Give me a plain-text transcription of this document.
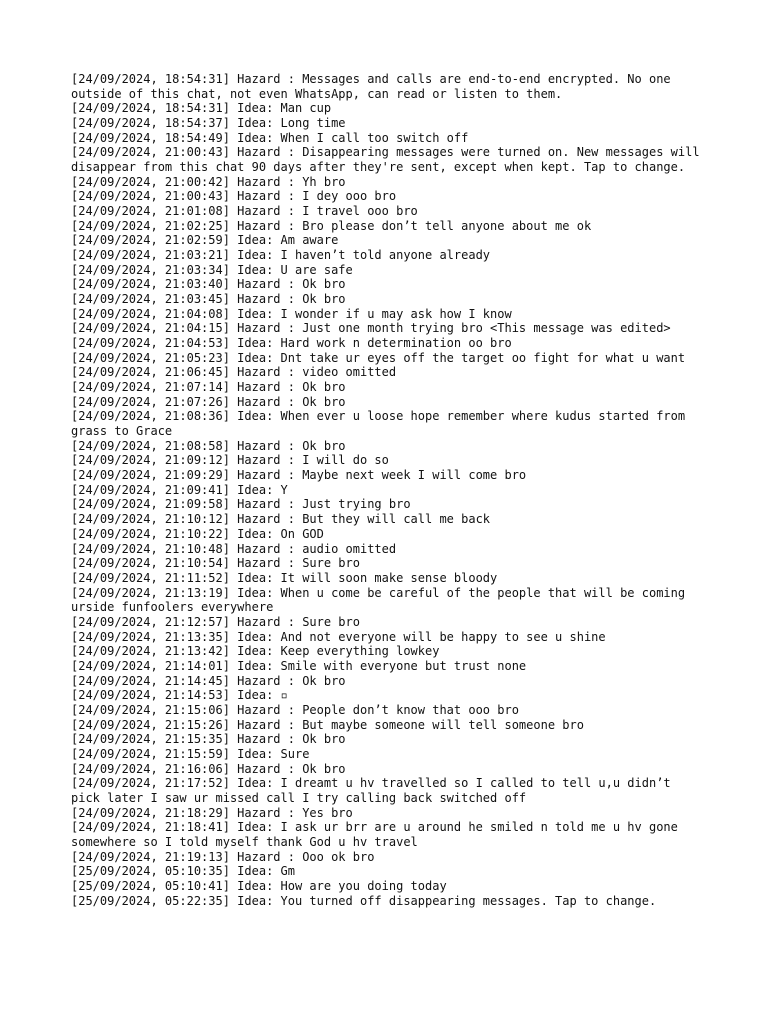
[24/09/2024, 18:54:31] Hazard : Messages and calls are end-to-end encrypted. No one outside of this chat, not even WhatsApp, can read or listen to them.
[24/09/2024, 18:54:31] Idea: Man cup
[24/09/2024, 18:54:37] Idea: Long time
[24/09/2024, 18:54:49] Idea: When I call too switch off
[24/09/2024, 21:00:43] Hazard : Disappearing messages were turned on. New messages will disappear from this chat 90 days after they're sent, except when kept. Tap to change.
[24/09/2024, 21:00:42] Hazard : Yh bro
[24/09/2024, 21:00:43] Hazard : I dey ooo bro
[24/09/2024, 21:01:08] Hazard : I travel ooo bro
[24/09/2024, 21:02:25] Hazard : Bro please don’t tell anyone about me ok
[24/09/2024, 21:02:59] Idea: Am aware
[24/09/2024, 21:03:21] Idea: I haven’t told anyone already
[24/09/2024, 21:03:34] Idea: U are safe
[24/09/2024, 21:03:40] Hazard : Ok bro
[24/09/2024, 21:03:45] Hazard : Ok bro
[24/09/2024, 21:04:08] Idea: I wonder if u may ask how I know
[24/09/2024, 21:04:15] Hazard : Just one month trying bro <This message was edited>
[24/09/2024, 21:04:53] Idea: Hard work n determination oo bro
[24/09/2024, 21:05:23] Idea: Dnt take ur eyes off the target oo fight for what u want
[24/09/2024, 21:06:45] Hazard : video omitted
[24/09/2024, 21:07:14] Hazard : Ok bro
[24/09/2024, 21:07:26] Hazard : Ok bro
[24/09/2024, 21:08:36] Idea: When ever u loose hope remember where kudus started from grass to Grace
[24/09/2024, 21:08:58] Hazard : Ok bro
[24/09/2024, 21:09:12] Hazard : I will do so
[24/09/2024, 21:09:29] Hazard : Maybe next week I will come bro
[24/09/2024, 21:09:41] Idea: Y
[24/09/2024, 21:09:58] Hazard : Just trying bro
[24/09/2024, 21:10:12] Hazard : But they will call me back
[24/09/2024, 21:10:22] Idea: On GOD
[24/09/2024, 21:10:48] Hazard : audio omitted
[24/09/2024, 21:10:54] Hazard : Sure bro
[24/09/2024, 21:11:52] Idea: It will soon make sense bloody
[24/09/2024, 21:13:19] Idea: When u come be careful of the people that will be coming urside funfoolers everywhere
[24/09/2024, 21:12:57] Hazard : Sure bro
[24/09/2024, 21:13:35] Idea: And not everyone will be happy to see u shine
[24/09/2024, 21:13:42] Idea: Keep everything lowkey
[24/09/2024, 21:14:01] Idea: Smile with everyone but trust none
[24/09/2024, 21:14:45] Hazard : Ok bro
[24/09/2024, 21:14:53] Idea: ▫
[24/09/2024, 21:15:06] Hazard : People don’t know that ooo bro
[24/09/2024, 21:15:26] Hazard : But maybe someone will tell someone bro
[24/09/2024, 21:15:35] Hazard : Ok bro
[24/09/2024, 21:15:59] Idea: Sure
[24/09/2024, 21:16:06] Hazard : Ok bro
[24/09/2024, 21:17:52] Idea: I dreamt u hv travelled so I called to tell u,u didn’t pick later I saw ur missed call I try calling back switched off
[24/09/2024, 21:18:29] Hazard : Yes bro
[24/09/2024, 21:18:41] Idea: I ask ur brr are u around he smiled n told me u hv gone somewhere so I told myself thank God u hv travel
[24/09/2024, 21:19:13] Hazard : Ooo ok bro
[25/09/2024, 05:10:35] Idea: Gm
[25/09/2024, 05:10:41] Idea: How are you doing today
[25/09/2024, 05:22:35] Idea: You turned off disappearing messages. Tap to change.
